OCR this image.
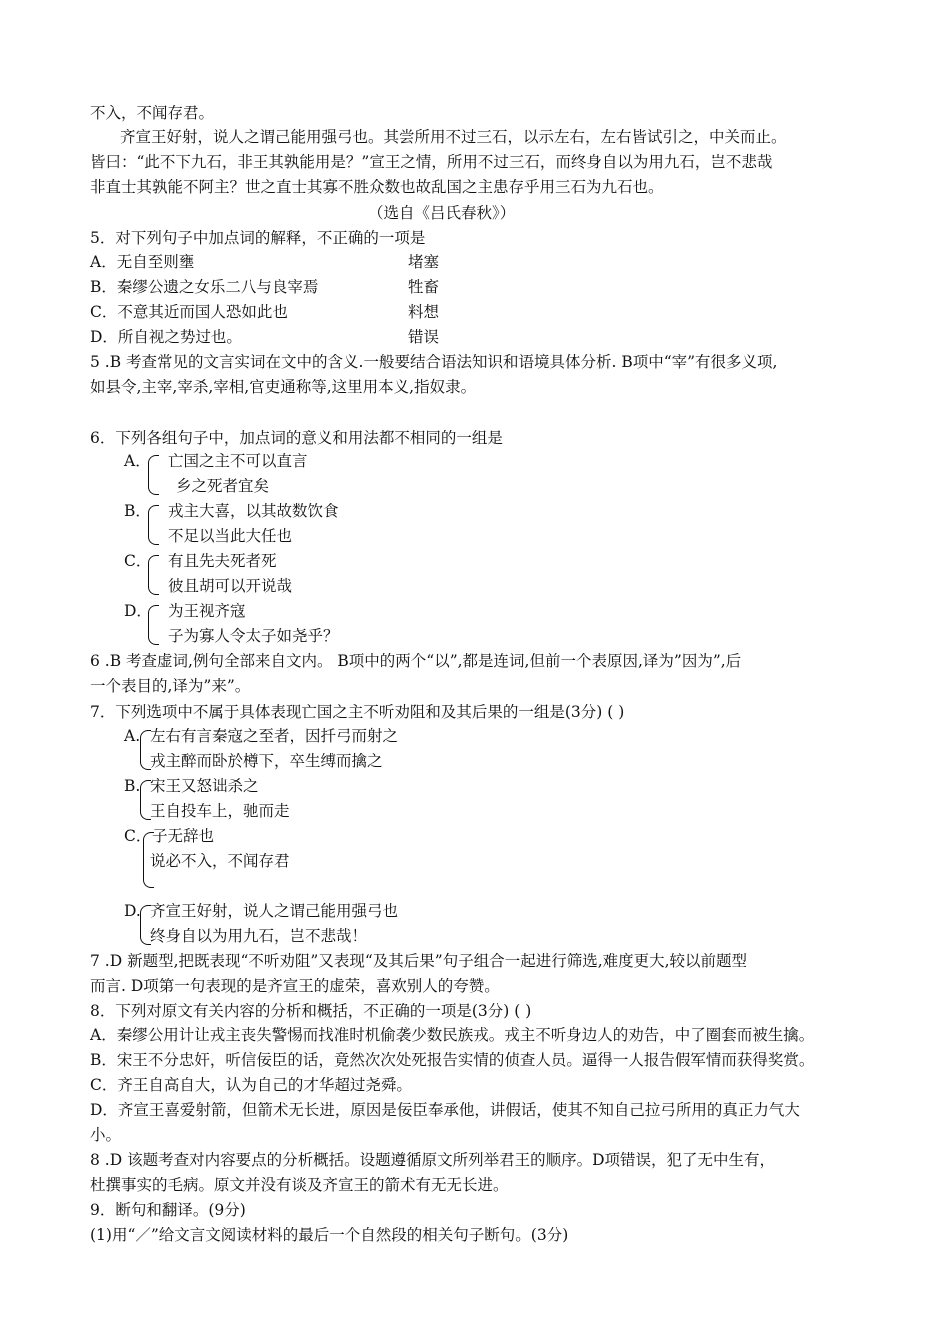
不入，不闻存君。
齐宣王好射，说人之谓己能用强弓也。其尝所用不过三石，以示左右，左右皆试引之，中关而止。
皆曰：“此不下九石，非王其孰能用是？”宣王之情，所用不过三石，而终身自以为用九石，岂不悲哉
非直士其孰能不阿主？世之直士其寡不胜众数也故乱国之主患存乎用三石为九石也。
（选自《吕氏春秋》）
5．对下列句子中加点词的解释，不正确的一项是
A．无自至则壅	堵塞
B．秦缪公遗之女乐二八与良宰焉	牲畜
C．不意其近而国人恐如此也	料想
D．所自视之势过也。	错误
5 .B 考查常见的文言实词在文中的含义.一般要结合语法知识和语境具体分析. B项中“宰”有很多义项,
如县令,主宰,宰杀,宰相,官吏通称等,这里用本义,指奴隶。
6．下列各组句子中，加点词的意义和用法都不相同的一组是
A． 亡国之主不可以直言
乡之死者宜矣
B． 戎主大喜，以其故数饮食
不足以当此大任也
C． 有且先夫死者死
彼且胡可以开说哉
D． 为王视齐寇
子为寡人令太子如尧乎？
6 .B 考查虚词,例句全部来自文内。 B项中的两个“以”,都是连词,但前一个表原因,译为”因为”,后
一个表目的,译为”来”。
7．下列选项中不属于具体表现亡国之主不听劝阻和及其后果的一组是(3分) ( )
A. 左右有言秦寇之至者，因扦弓而射之
戎主醉而卧於樽下，卒生缚而擒之
B. 宋王又怒诎杀之
王自投车上，驰而走
C． 子无辞也
说必不入，不闻存君
D. 齐宣王好射，说人之谓己能用强弓也
终身自以为用九石，岂不悲哉！
7 .D 新题型,把既表现“不听劝阻”又表现“及其后果”句子组合一起进行筛选,难度更大,较以前题型
而言. D项第一句表现的是齐宣王的虚荣，喜欢别人的夸赞。
8．下列对原文有关内容的分析和概括，不正确的一项是(3分) ( )
A．秦缪公用计让戎主丧失警惕而找准时机偷袭少数民族戎。戎主不听身边人的劝告，中了圈套而被生擒。
B．宋王不分忠奸，听信佞臣的话，竟然次次处死报告实情的侦查人员。逼得一人报告假军情而获得奖赏。
C．齐王自高自大，认为自己的才华超过尧舜。
D．齐宣王喜爱射箭，但箭术无长进，原因是佞臣奉承他，讲假话，使其不知自己拉弓所用的真正力气大
小。
8 .D 该题考查对内容要点的分析概括。设题遵循原文所列举君王的顺序。D项错误，犯了无中生有，
杜撰事实的毛病。原文并没有谈及齐宣王的箭术有无无长进。
9．断句和翻译。(9分)
(1)用“／”给文言文阅读材料的最后一个自然段的相关句子断句。(3分)
